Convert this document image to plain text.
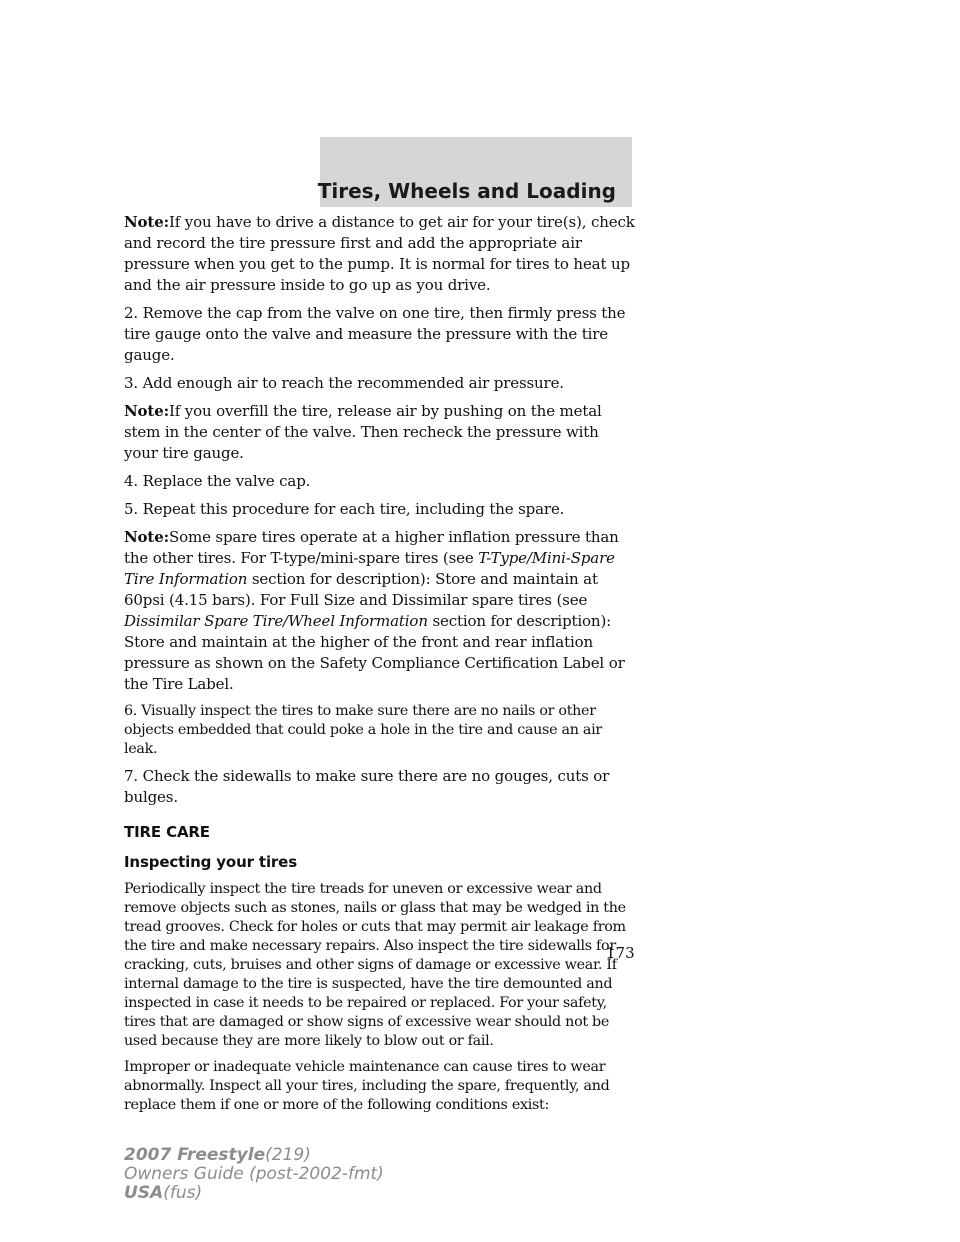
Tires, Wheels and Loading

Note:If you have to drive a distance to get air for your tire(s), check and record the tire pressure first and add the appropriate air pressure when you get to the pump. It is normal for tires to heat up and the air pressure inside to go up as you drive.

2. Remove the cap from the valve on one tire, then firmly press the tire gauge onto the valve and measure the pressure with the tire gauge.

3. Add enough air to reach the recommended air pressure.

Note:If you overfill the tire, release air by pushing on the metal stem in the center of the valve. Then recheck the pressure with your tire gauge.

4. Replace the valve cap.

5. Repeat this procedure for each tire, including the spare.

Note:Some spare tires operate at a higher inflation pressure than the other tires. For T-type/mini-spare tires (see T-Type/Mini-Spare Tire Information section for description): Store and maintain at 60psi (4.15 bars). For Full Size and Dissimilar spare tires (see Dissimilar Spare Tire/Wheel Information section for description): Store and maintain at the higher of the front and rear inflation pressure as shown on the Safety Compliance Certification Label or the Tire Label.

6. Visually inspect the tires to make sure there are no nails or other objects embedded that could poke a hole in the tire and cause an air leak.

7. Check the sidewalls to make sure there are no gouges, cuts or bulges.

TIRE CARE
Inspecting your tires

Periodically inspect the tire treads for uneven or excessive wear and remove objects such as stones, nails or glass that may be wedged in the tread grooves. Check for holes or cuts that may permit air leakage from the tire and make necessary repairs. Also inspect the tire sidewalls for cracking, cuts, bruises and other signs of damage or excessive wear. If internal damage to the tire is suspected, have the tire demounted and inspected in case it needs to be repaired or replaced. For your safety, tires that are damaged or show signs of excessive wear should not be used because they are more likely to blow out or fail.

Improper or inadequate vehicle maintenance can cause tires to wear abnormally. Inspect all your tires, including the spare, frequently, and replace them if one or more of the following conditions exist:

173
2007 Freestyle(219)
Owners Guide (post-2002-fmt)
USA(fus)
